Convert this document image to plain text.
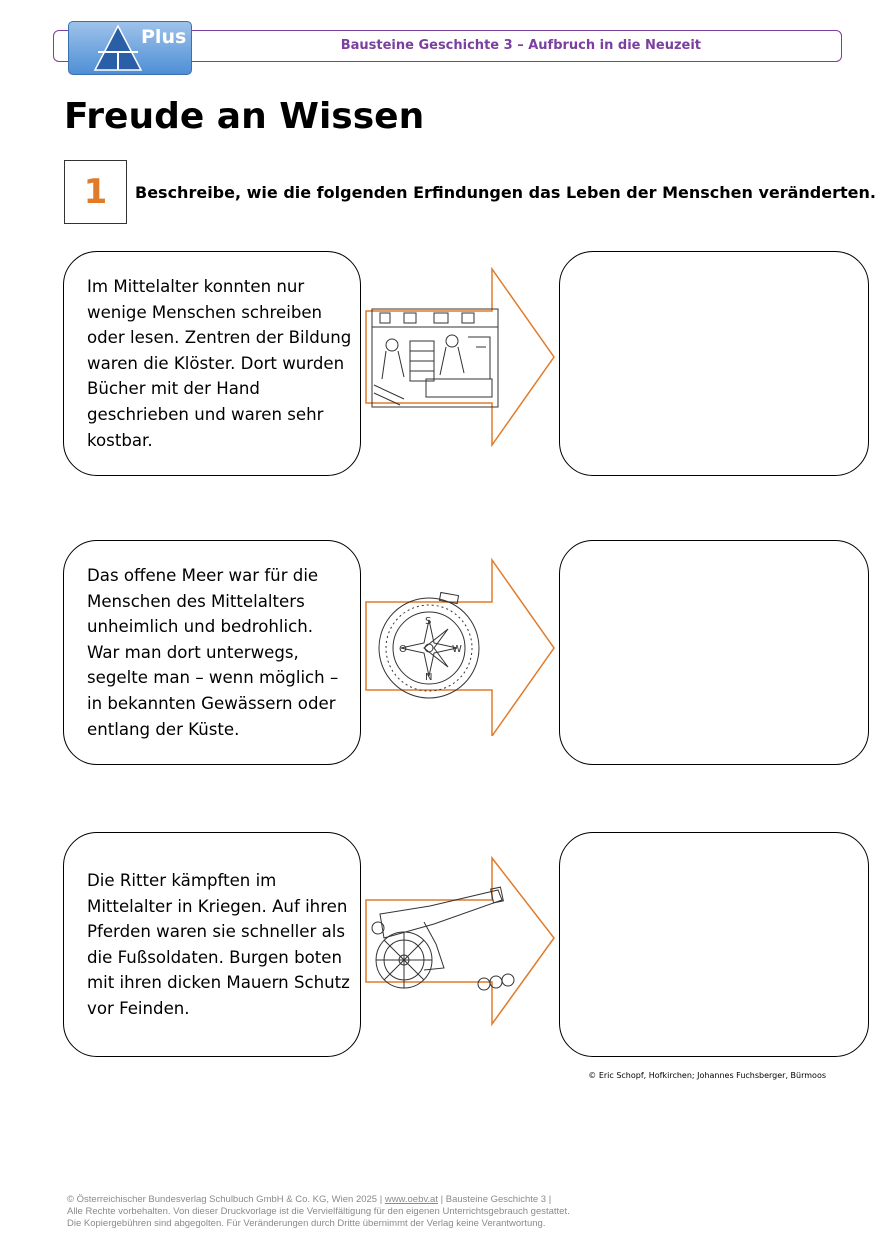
Bausteine Geschichte 3 – Aufbruch in die Neuzeit
Plus
Freude an Wissen
1	Beschreibe, wie die folgenden Erfindungen das Leben der Menschen veränderten.
Im Mittelalter konnten nur
wenige Menschen schreiben
oder lesen. Zentren der Bildung
waren die Klöster. Dort wurden
Bücher mit der Hand
geschrieben und waren sehr
kostbar.
Das offene Meer war für die
Menschen des Mittelalters
unheimlich und bedrohlich.
War man dort unterwegs,
segelte man – wenn möglich –
in bekannten Gewässern oder
entlang der Küste.
S
N
O	W
Die Ritter kämpften im
Mittelalter in Kriegen. Auf ihren
Pferden waren sie schneller als
die Fußsoldaten. Burgen boten
mit ihren dicken Mauern Schutz
vor Feinden.
© Eric Schopf, Hofkirchen; Johannes Fuchsberger, Bürmoos
© Österreichischer Bundesverlag Schulbuch GmbH & Co. KG, Wien 2025 | www.oebv.at | Bausteine Geschichte 3 |
Alle Rechte vorbehalten. Von dieser Druckvorlage ist die Vervielfältigung für den eigenen Unterrichtsgebrauch gestattet.
Die Kopiergebühren sind abgegolten. Für Veränderungen durch Dritte übernimmt der Verlag keine Verantwortung.
